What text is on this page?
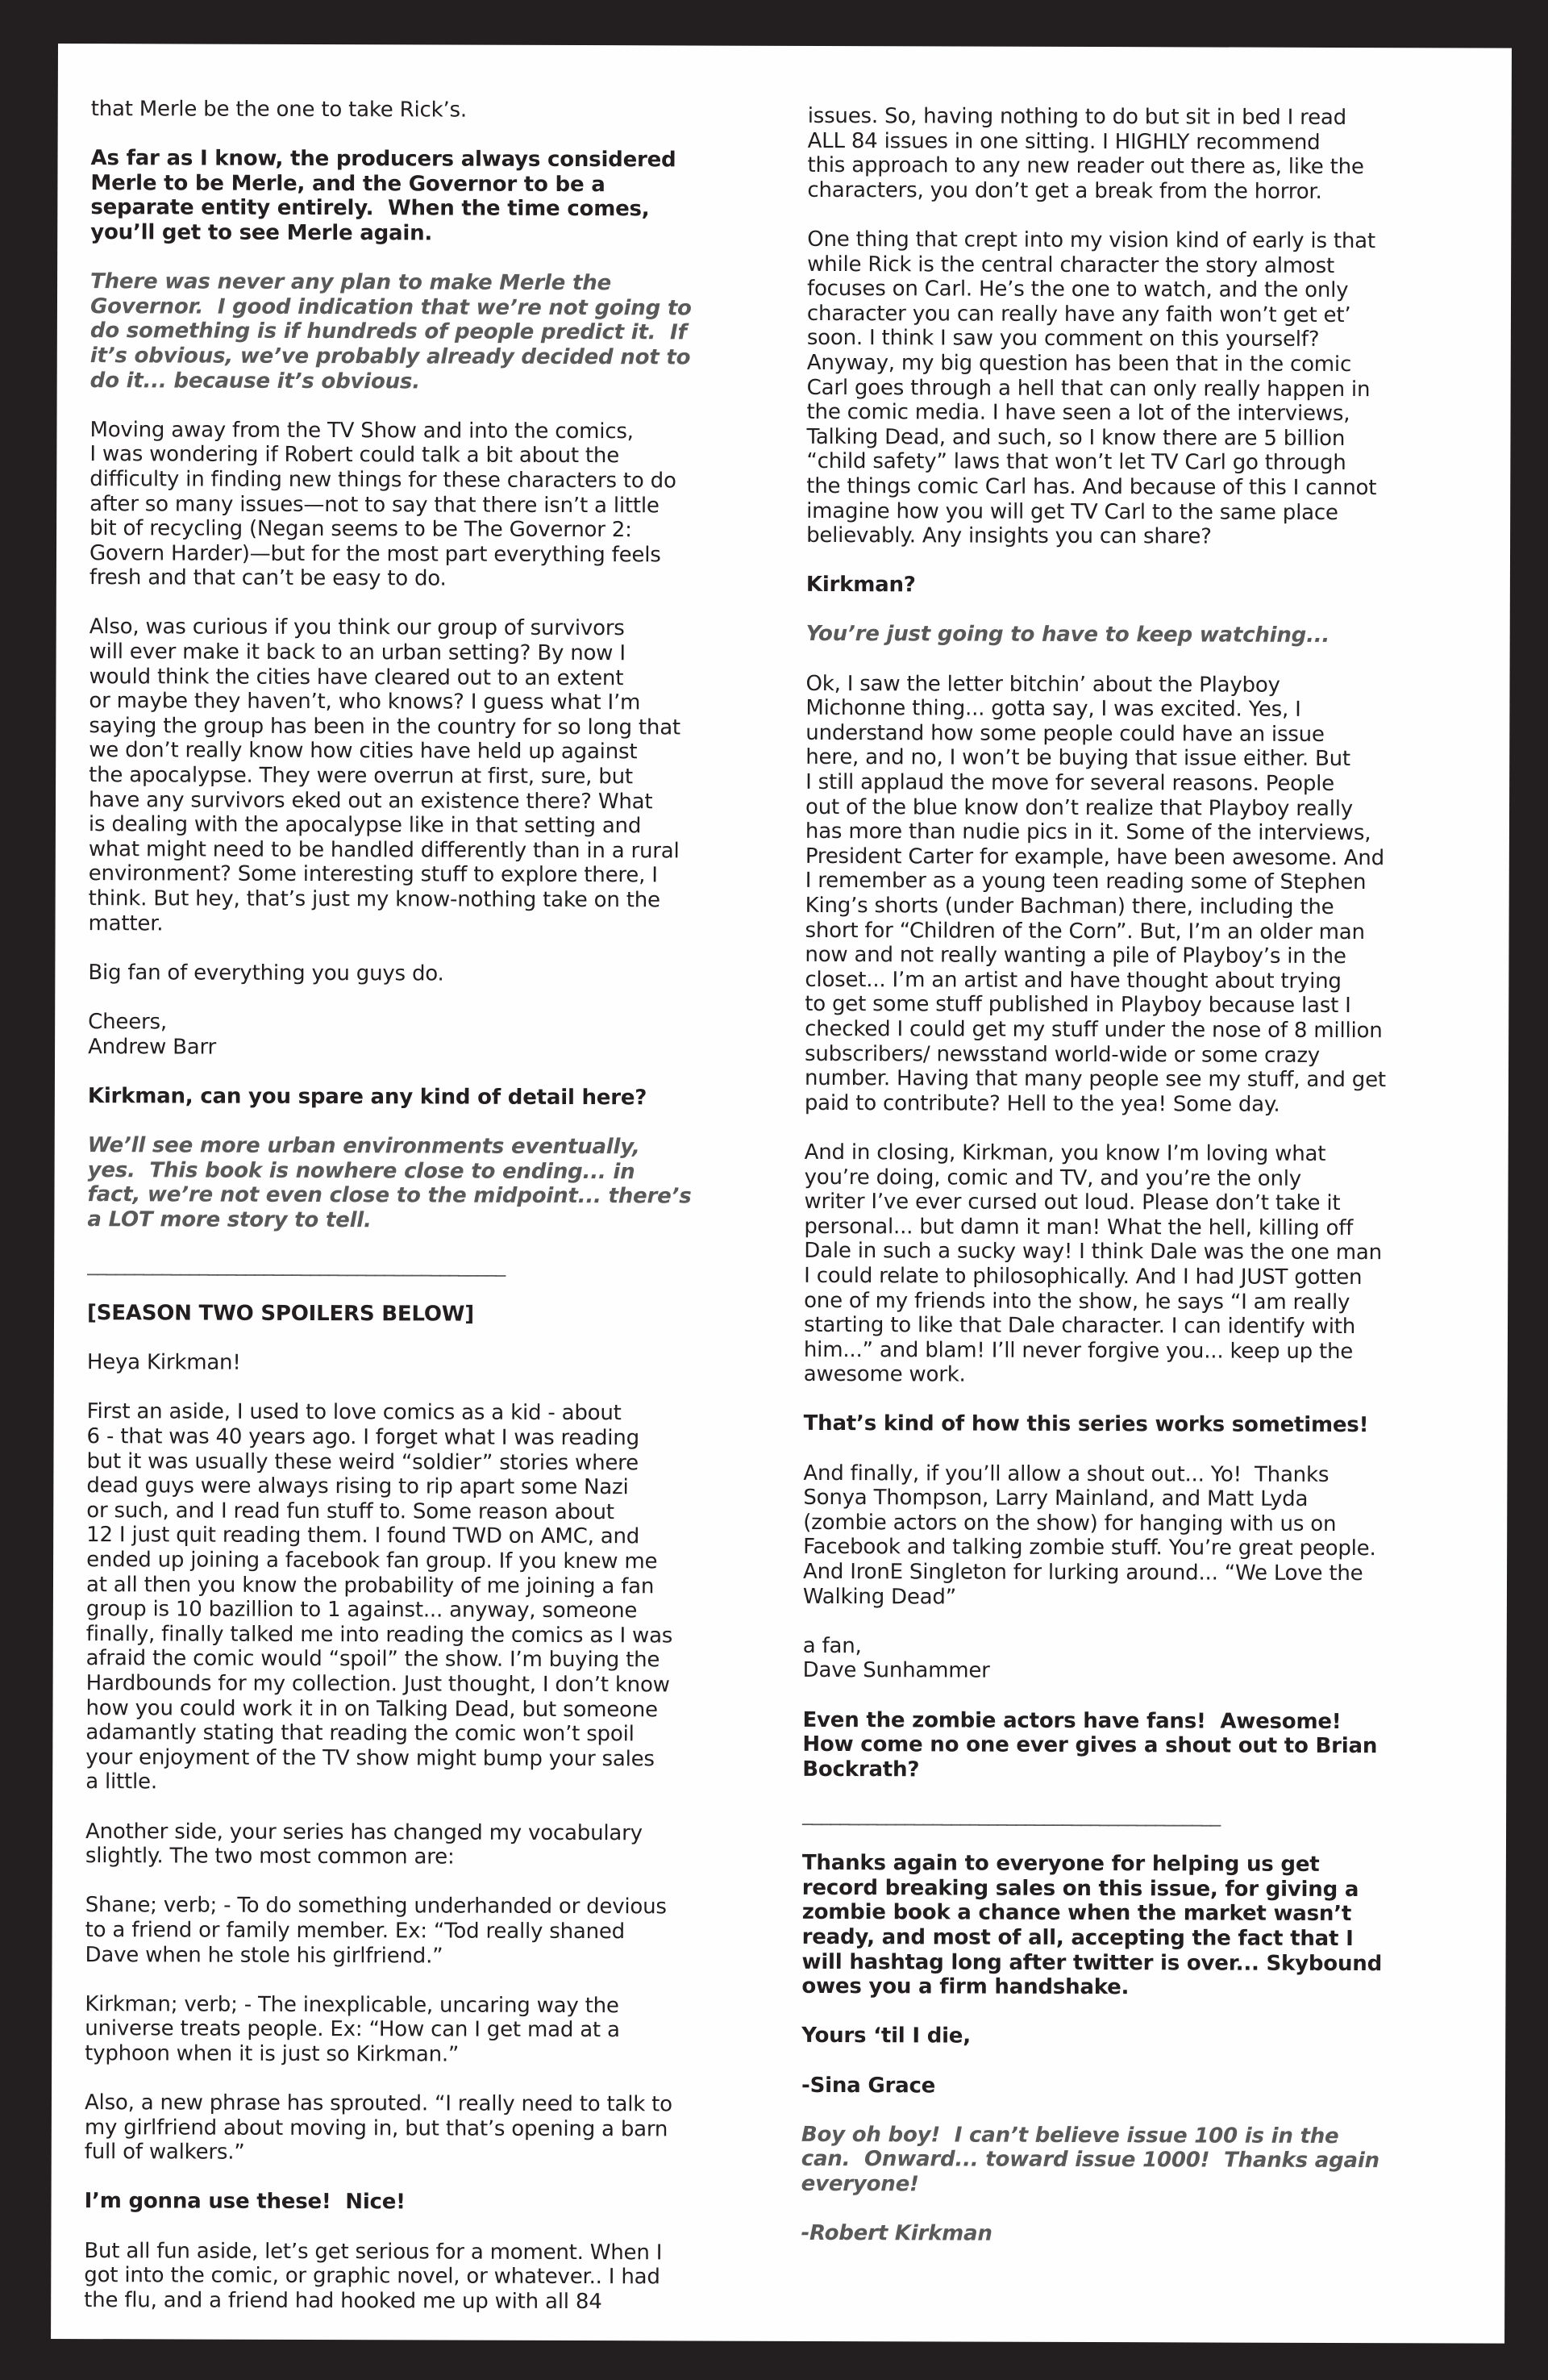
that Merle be the one to take Rick’s.
As far as I know, the producers always considered
Merle to be Merle, and the Governor to be a
separate entity entirely.  When the time comes,
you’ll get to see Merle again.
There was never any plan to make Merle the
Governor.  I good indication that we’re not going to
do something is if hundreds of people predict it.  If
it’s obvious, we’ve probably already decided not to
do it... because it’s obvious.
Moving away from the TV Show and into the comics,
I was wondering if Robert could talk a bit about the
difficulty in finding new things for these characters to do
after so many issues—not to say that there isn’t a little
bit of recycling (Negan seems to be The Governor 2:
Govern Harder)—but for the most part everything feels
fresh and that can’t be easy to do.
Also, was curious if you think our group of survivors
will ever make it back to an urban setting? By now I
would think the cities have cleared out to an extent
or maybe they haven’t, who knows? I guess what I’m
saying the group has been in the country for so long that
we don’t really know how cities have held up against
the apocalypse. They were overrun at first, sure, but
have any survivors eked out an existence there? What
is dealing with the apocalypse like in that setting and
what might need to be handled differently than in a rural
environment? Some interesting stuff to explore there, I
think. But hey, that’s just my know-nothing take on the
matter.
Big fan of everything you guys do.
Cheers,
Andrew Barr
Kirkman, can you spare any kind of detail here?
We’ll see more urban environments eventually,
yes.  This book is nowhere close to ending... in
fact, we’re not even close to the midpoint... there’s
a LOT more story to tell.
_____________________________________________
[SEASON TWO SPOILERS BELOW]
Heya Kirkman!
First an aside, I used to love comics as a kid - about
6 - that was 40 years ago. I forget what I was reading
but it was usually these weird “soldier” stories where
dead guys were always rising to rip apart some Nazi
or such, and I read fun stuff to. Some reason about
12 I just quit reading them. I found TWD on AMC, and
ended up joining a facebook fan group. If you knew me
at all then you know the probability of me joining a fan
group is 10 bazillion to 1 against... anyway, someone
finally, finally talked me into reading the comics as I was
afraid the comic would “spoil” the show. I’m buying the
Hardbounds for my collection. Just thought, I don’t know
how you could work it in on Talking Dead, but someone
adamantly stating that reading the comic won’t spoil
your enjoyment of the TV show might bump your sales
a little.
Another side, your series has changed my vocabulary
slightly. The two most common are:
Shane; verb; - To do something underhanded or devious
to a friend or family member. Ex: “Tod really shaned
Dave when he stole his girlfriend.”
Kirkman; verb; - The inexplicable, uncaring way the
universe treats people. Ex: “How can I get mad at a
typhoon when it is just so Kirkman.”
Also, a new phrase has sprouted. “I really need to talk to
my girlfriend about moving in, but that’s opening a barn
full of walkers.”
I’m gonna use these!  Nice!
But all fun aside, let’s get serious for a moment. When I
got into the comic, or graphic novel, or whatever.. I had
the flu, and a friend had hooked me up with all 84
issues. So, having nothing to do but sit in bed I read
ALL 84 issues in one sitting. I HIGHLY recommend
this approach to any new reader out there as, like the
characters, you don’t get a break from the horror.
One thing that crept into my vision kind of early is that
while Rick is the central character the story almost
focuses on Carl. He’s the one to watch, and the only
character you can really have any faith won’t get et’
soon. I think I saw you comment on this yourself?
Anyway, my big question has been that in the comic
Carl goes through a hell that can only really happen in
the comic media. I have seen a lot of the interviews,
Talking Dead, and such, so I know there are 5 billion
“child safety” laws that won’t let TV Carl go through
the things comic Carl has. And because of this I cannot
imagine how you will get TV Carl to the same place
believably. Any insights you can share?
Kirkman?
You’re just going to have to keep watching...
Ok, I saw the letter bitchin’ about the Playboy
Michonne thing... gotta say, I was excited. Yes, I
understand how some people could have an issue
here, and no, I won’t be buying that issue either. But
I still applaud the move for several reasons. People
out of the blue know don’t realize that Playboy really
has more than nudie pics in it. Some of the interviews,
President Carter for example, have been awesome. And
I remember as a young teen reading some of Stephen
King’s shorts (under Bachman) there, including the
short for “Children of the Corn”. But, I’m an older man
now and not really wanting a pile of Playboy’s in the
closet... I’m an artist and have thought about trying
to get some stuff published in Playboy because last I
checked I could get my stuff under the nose of 8 million
subscribers/ newsstand world-wide or some crazy
number. Having that many people see my stuff, and get
paid to contribute? Hell to the yea! Some day.
And in closing, Kirkman, you know I’m loving what
you’re doing, comic and TV, and you’re the only
writer I’ve ever cursed out loud. Please don’t take it
personal... but damn it man! What the hell, killing off
Dale in such a sucky way! I think Dale was the one man
I could relate to philosophically. And I had JUST gotten
one of my friends into the show, he says “I am really
starting to like that Dale character. I can identify with
him...” and blam! I’ll never forgive you... keep up the
awesome work.
That’s kind of how this series works sometimes!
And finally, if you’ll allow a shout out... Yo!  Thanks
Sonya Thompson, Larry Mainland, and Matt Lyda
(zombie actors on the show) for hanging with us on
Facebook and talking zombie stuff. You’re great people.
And IronE Singleton for lurking around... “We Love the
Walking Dead”
a fan,
Dave Sunhammer
Even the zombie actors have fans!  Awesome!
How come no one ever gives a shout out to Brian
Bockrath?
_____________________________________________
Thanks again to everyone for helping us get
record breaking sales on this issue, for giving a
zombie book a chance when the market wasn’t
ready, and most of all, accepting the fact that I
will hashtag long after twitter is over... Skybound
owes you a firm handshake.
Yours ‘til I die,
-Sina Grace
Boy oh boy!  I can’t believe issue 100 is in the
can.  Onward... toward issue 1000!  Thanks again
everyone!
-Robert Kirkman
